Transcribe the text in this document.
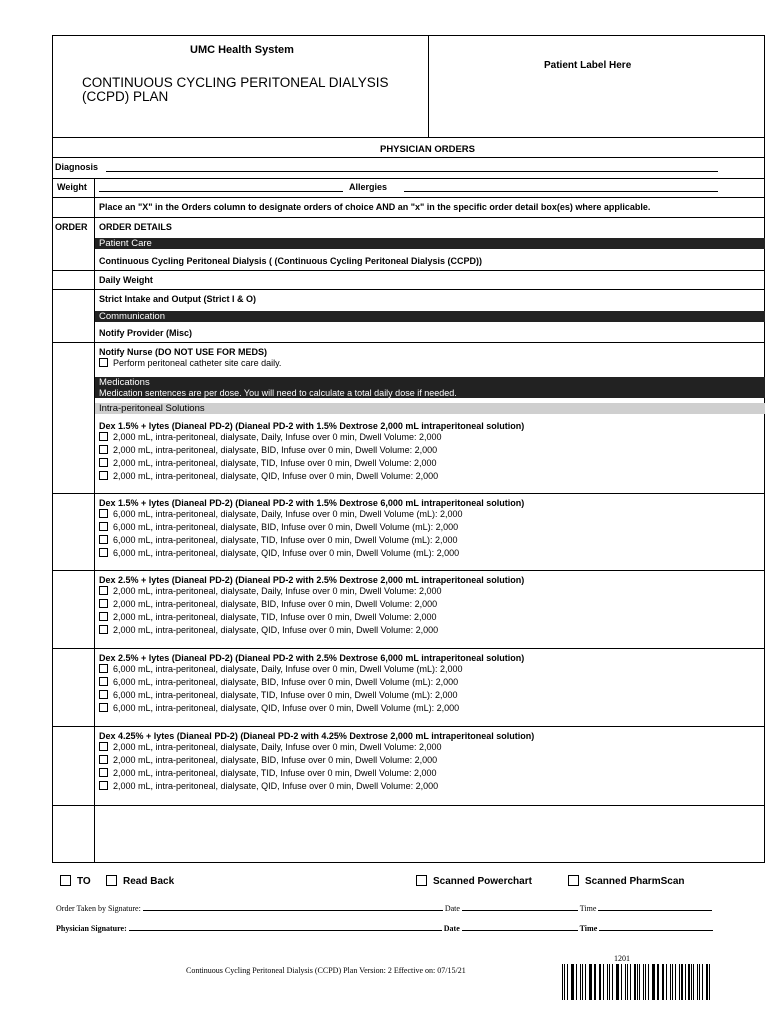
UMC Health System
CONTINUOUS CYCLING PERITONEAL DIALYSIS
(CCPD) PLAN
Patient Label Here
PHYSICIAN ORDERS
Diagnosis
Weight	Allergies
Place an "X" in the Orders column to designate orders of choice AND an "x" in the specific order detail box(es) where applicable.
ORDER ORDER DETAILS
Patient Care
Continuous Cycling Peritoneal Dialysis ( (Continuous Cycling Peritoneal Dialysis (CCPD))
Daily Weight
Strict Intake and Output (Strict I & O)
Communication
Notify Provider (Misc)
Notify Nurse (DO NOT USE FOR MEDS)
Perform peritoneal catheter site care daily.
Medications
Medication sentences are per dose. You will need to calculate a total daily dose if needed.
Intra-peritoneal Solutions
Dex 1.5% + lytes (Dianeal PD-2) (Dianeal PD-2 with 1.5% Dextrose 2,000 mL intraperitoneal solution)
2,000 mL, intra-peritoneal, dialysate, Daily, Infuse over 0 min, Dwell Volume: 2,000
2,000 mL, intra-peritoneal, dialysate, BID, Infuse over 0 min, Dwell Volume: 2,000
2,000 mL, intra-peritoneal, dialysate, TID, Infuse over 0 min, Dwell Volume: 2,000
2,000 mL, intra-peritoneal, dialysate, QID, Infuse over 0 min, Dwell Volume: 2,000
Dex 1.5% + lytes (Dianeal PD-2) (Dianeal PD-2 with 1.5% Dextrose 6,000 mL intraperitoneal solution)
6,000 mL, intra-peritoneal, dialysate, Daily, Infuse over 0 min, Dwell Volume (mL): 2,000
6,000 mL, intra-peritoneal, dialysate, BID, Infuse over 0 min, Dwell Volume (mL): 2,000
6,000 mL, intra-peritoneal, dialysate, TID, Infuse over 0 min, Dwell Volume (mL): 2,000
6,000 mL, intra-peritoneal, dialysate, QID, Infuse over 0 min, Dwell Volume (mL): 2,000
Dex 2.5% + lytes (Dianeal PD-2) (Dianeal PD-2 with 2.5% Dextrose 2,000 mL intraperitoneal solution)
2,000 mL, intra-peritoneal, dialysate, Daily, Infuse over 0 min, Dwell Volume: 2,000
2,000 mL, intra-peritoneal, dialysate, BID, Infuse over 0 min, Dwell Volume: 2,000
2,000 mL, intra-peritoneal, dialysate, TID, Infuse over 0 min, Dwell Volume: 2,000
2,000 mL, intra-peritoneal, dialysate, QID, Infuse over 0 min, Dwell Volume: 2,000
Dex 2.5% + lytes (Dianeal PD-2) (Dianeal PD-2 with 2.5% Dextrose 6,000 mL intraperitoneal solution)
6,000 mL, intra-peritoneal, dialysate, Daily, Infuse over 0 min, Dwell Volume (mL): 2,000
6,000 mL, intra-peritoneal, dialysate, BID, Infuse over 0 min, Dwell Volume (mL): 2,000
6,000 mL, intra-peritoneal, dialysate, TID, Infuse over 0 min, Dwell Volume (mL): 2,000
6,000 mL, intra-peritoneal, dialysate, QID, Infuse over 0 min, Dwell Volume (mL): 2,000
Dex 4.25% + lytes (Dianeal PD-2) (Dianeal PD-2 with 4.25% Dextrose 2,000 mL intraperitoneal solution)
2,000 mL, intra-peritoneal, dialysate, Daily, Infuse over 0 min, Dwell Volume: 2,000
2,000 mL, intra-peritoneal, dialysate, BID, Infuse over 0 min, Dwell Volume: 2,000
2,000 mL, intra-peritoneal, dialysate, TID, Infuse over 0 min, Dwell Volume: 2,000
2,000 mL, intra-peritoneal, dialysate, QID, Infuse over 0 min, Dwell Volume: 2,000
TO	Read Back	Scanned Powerchart	Scanned PharmScan
Order Taken by Signature:	Date	Time
Physician Signature:	Date	Time
Continuous Cycling Peritoneal Dialysis (CCPD) Plan Version: 2 Effective on: 07/15/21
1201
